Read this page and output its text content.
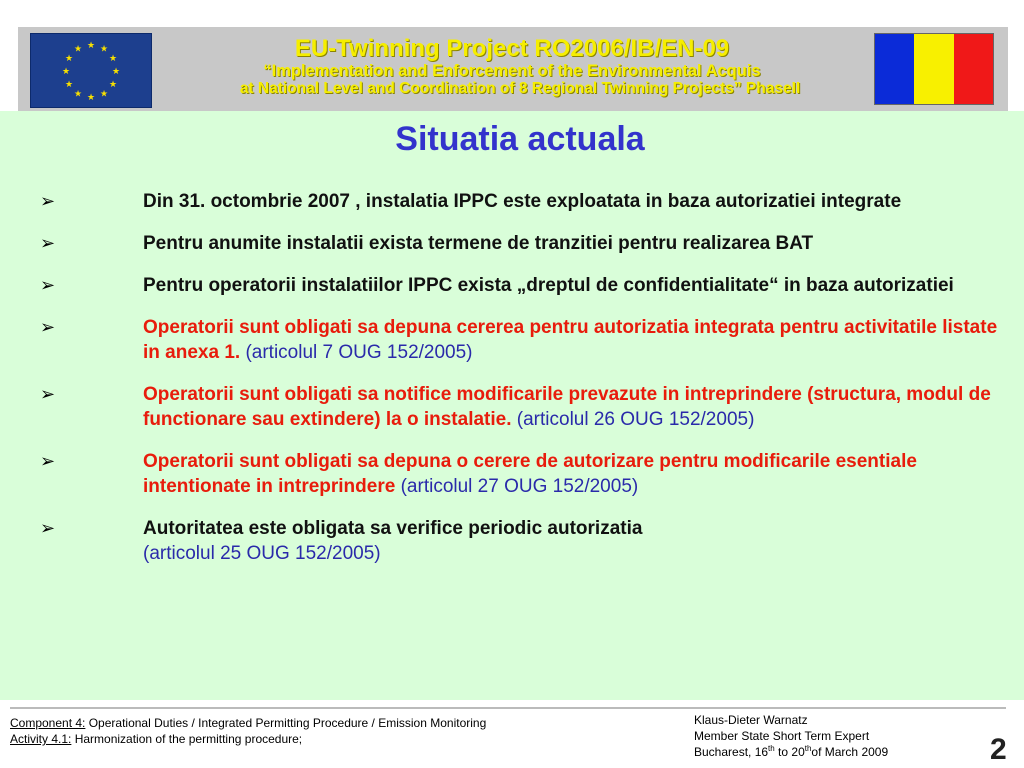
★ ★
★
★
★
★
★
★
★
★
★
★	EU-Twinning Project RO2006/IB/EN-09
“Implementation and Enforcement of the Environmental Acquis
at National Level and Coordination of 8 Regional Twinning Projects” PhaseII
Situatia actuala
➢	Din 31. octombrie 2007 , instalatia IPPC este exploatata in baza autorizatiei integrate
➢	Pentru anumite instalatii exista termene de tranzitiei pentru realizarea BAT
➢	Pentru operatorii instalatiilor IPPC exista „dreptul de confidentialitate“ in baza autorizatiei
➢	Operatorii sunt obligati sa depuna cererea pentru autorizatia integrata pentru activitatile listate in anexa 1. (articolul 7 OUG 152/2005)
➢	Operatorii sunt obligati sa notifice modificarile prevazute in intreprindere (structura, modul de functionare sau extindere) la o instalatie. (articolul 26 OUG 152/2005)
➢	Operatorii sunt obligati sa depuna o cerere de autorizare pentru modificarile esentiale intentionate in intreprindere (articolul 27 OUG 152/2005)
➢	Autoritatea este obligata sa verifice periodic autorizatia
(articolul 25 OUG 152/2005)
Component 4: Operational Duties / Integrated Permitting Procedure / Emission Monitoring
Activity 4.1: Harmonization of the permitting procedure;
Klaus-Dieter Warnatz
Member State Short Term Expert
Bucharest, 16th to 20thof March 2009	2
